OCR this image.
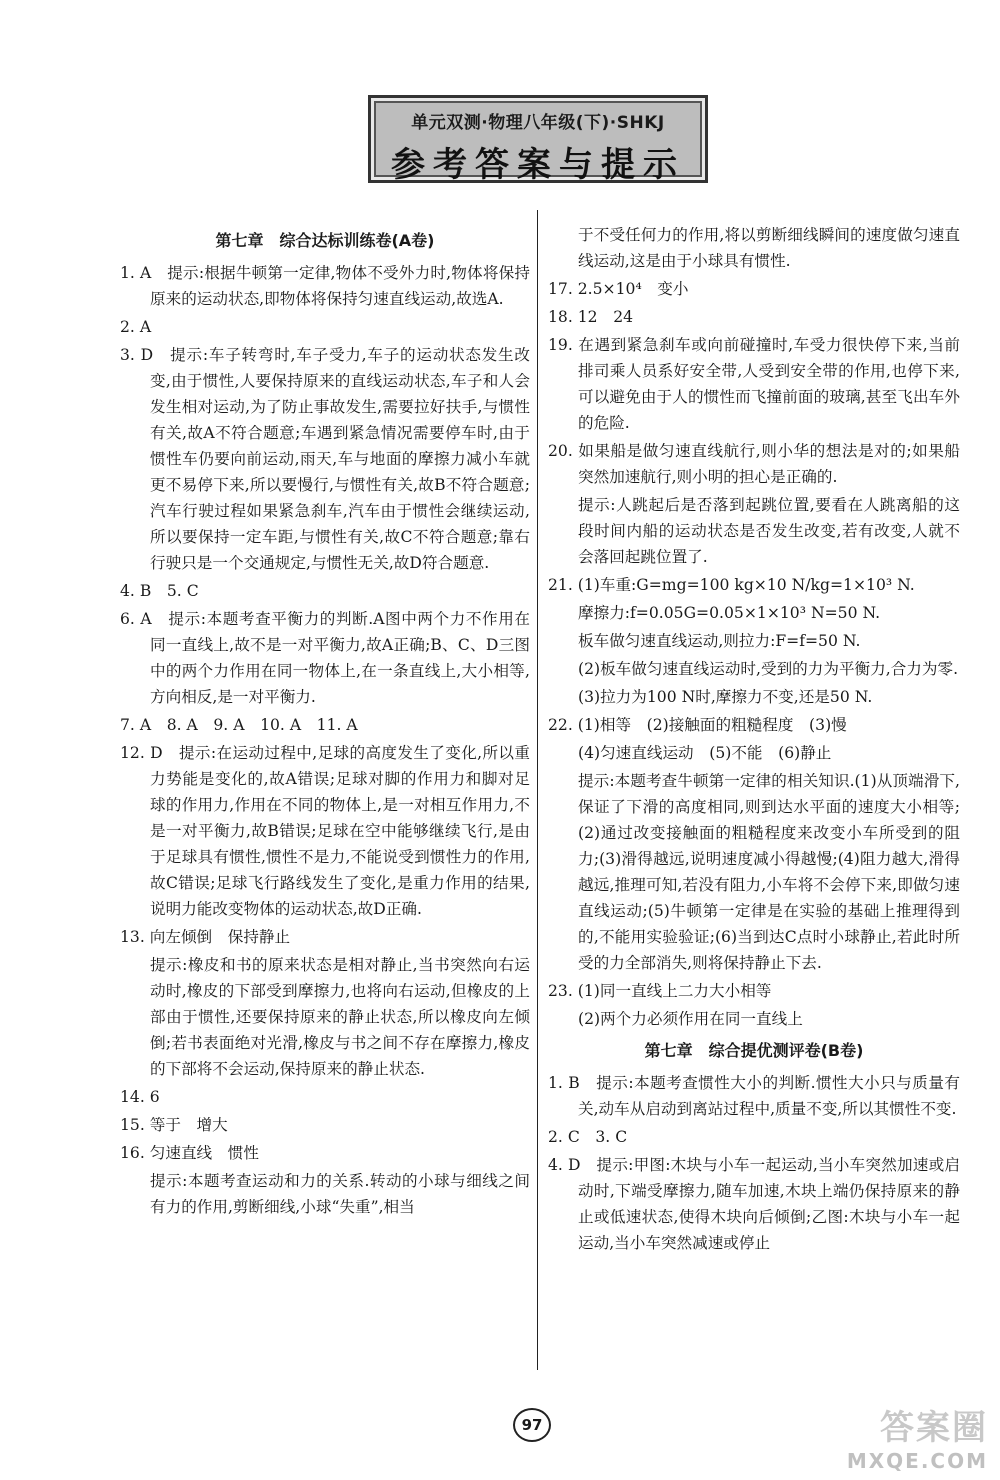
单元双测·物理八年级(下)·SHKJ
参考答案与提示
第七章　综合达标训练卷(A卷)

1. A　提示:根据牛顿第一定律,物体不受外力时,物体将保持原来的运动状态,即物体将保持匀速直线运动,故选A.

2. A

3. D　提示:车子转弯时,车子受力,车子的运动状态发生改变,由于惯性,人要保持原来的直线运动状态,车子和人会发生相对运动,为了防止事故发生,需要拉好扶手,与惯性有关,故A不符合题意;车遇到紧急情况需要停车时,由于惯性车仍要向前运动,雨天,车与地面的摩擦力减小车就更不易停下来,所以要慢行,与惯性有关,故B不符合题意;汽车行驶过程如果紧急刹车,汽车由于惯性会继续运动,所以要保持一定车距,与惯性有关,故C不符合题意;靠右行驶只是一个交通规定,与惯性无关,故D符合题意.

4. B　5. C

6. A　提示:本题考查平衡力的判断.A图中两个力不作用在同一直线上,故不是一对平衡力,故A正确;B、C、D三图中的两个力作用在同一物体上,在一条直线上,大小相等,方向相反,是一对平衡力.

7. A　8. A　9. A　10. A　11. A

12. D　提示:在运动过程中,足球的高度发生了变化,所以重力势能是变化的,故A错误;足球对脚的作用力和脚对足球的作用力,作用在不同的物体上,是一对相互作用力,不是一对平衡力,故B错误;足球在空中能够继续飞行,是由于足球具有惯性,惯性不是力,不能说受到惯性力的作用,故C错误;足球飞行路线发生了变化,是重力作用的结果,说明力能改变物体的运动状态,故D正确.

13. 向左倾倒　保持静止

提示:橡皮和书的原来状态是相对静止,当书突然向右运动时,橡皮的下部受到摩擦力,也将向右运动,但橡皮的上部由于惯性,还要保持原来的静止状态,所以橡皮向左倾倒;若书表面绝对光滑,橡皮与书之间不存在摩擦力,橡皮的下部将不会运动,保持原来的静止状态.

14. 6

15. 等于　增大

16. 匀速直线　惯性

提示:本题考查运动和力的关系.转动的小球与细线之间有力的作用,剪断细线,小球“失重”,相当

于不受任何力的作用,将以剪断细线瞬间的速度做匀速直线运动,这是由于小球具有惯性.

17. 2.5×10⁴　变小

18. 12　24

19. 在遇到紧急刹车或向前碰撞时,车受力很快停下来,当前排司乘人员系好安全带,人受到安全带的作用,也停下来,可以避免由于人的惯性而飞撞前面的玻璃,甚至飞出车外的危险.

20. 如果船是做匀速直线航行,则小华的想法是对的;如果船突然加速航行,则小明的担心是正确的.

提示:人跳起后是否落到起跳位置,要看在人跳离船的这段时间内船的运动状态是否发生改变,若有改变,人就不会落回起跳位置了.

21. (1)车重:G=mg=100 kg×10 N/kg=1×10³ N.

摩擦力:f=0.05G=0.05×1×10³ N=50 N.

板车做匀速直线运动,则拉力:F=f=50 N.

(2)板车做匀速直线运动时,受到的力为平衡力,合力为零.

(3)拉力为100 N时,摩擦力不变,还是50 N.

22. (1)相等　(2)接触面的粗糙程度　(3)慢

(4)匀速直线运动　(5)不能　(6)静止

提示:本题考查牛顿第一定律的相关知识.(1)从顶端滑下,保证了下滑的高度相同,则到达水平面的速度大小相等;(2)通过改变接触面的粗糙程度来改变小车所受到的阻力;(3)滑得越远,说明速度减小得越慢;(4)阻力越大,滑得越远,推理可知,若没有阻力,小车将不会停下来,即做匀速直线运动;(5)牛顿第一定律是在实验的基础上推理得到的,不能用实验验证;(6)当到达C点时小球静止,若此时所受的力全部消失,则将保持静止下去.

23. (1)同一直线上二力大小相等

(2)两个力必须作用在同一直线上

第七章　综合提优测评卷(B卷)

1. B　提示:本题考查惯性大小的判断.惯性大小只与质量有关,动车从启动到离站过程中,质量不变,所以其惯性不变.

2. C　3. C

4. D　提示:甲图:木块与小车一起运动,当小车突然加速或启动时,下端受摩擦力,随车加速,木块上端仍保持原来的静止或低速状态,使得木块向后倾倒;乙图:木块与小车一起运动,当小车突然减速或停止

97	答案圈
MXQE.COM
